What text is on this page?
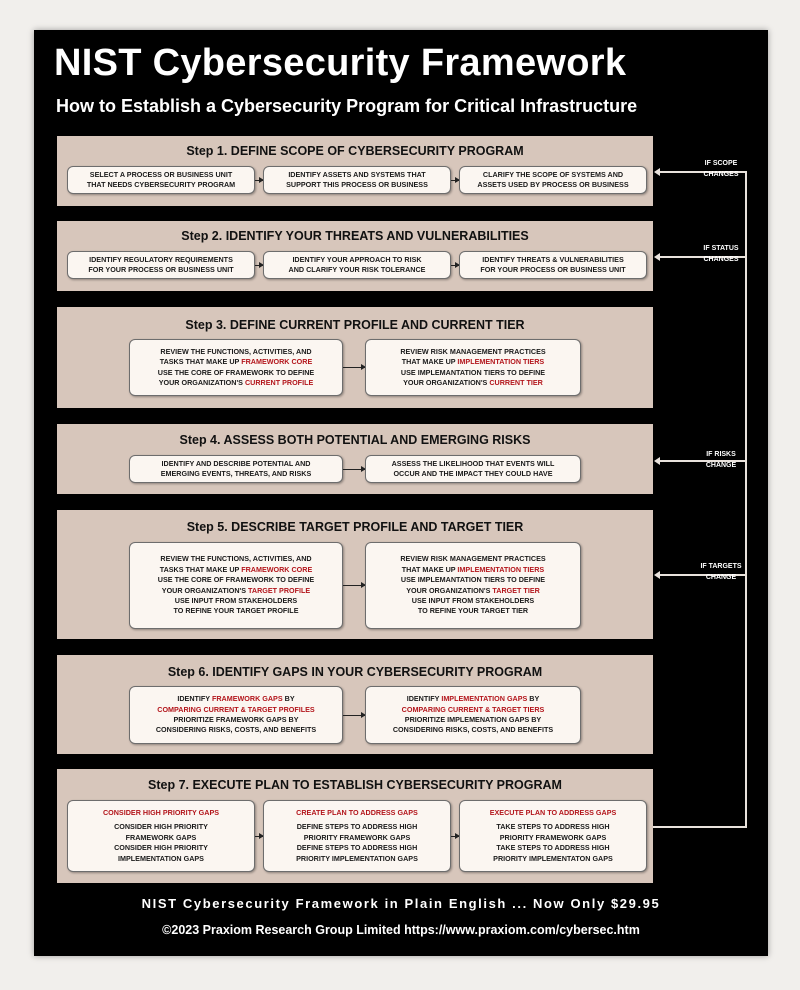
NIST Cybersecurity Framework
How to Establish a Cybersecurity Program for Critical Infrastructure
Step 1. DEFINE SCOPE OF CYBERSECURITY PROGRAM
SELECT A PROCESS OR BUSINESS UNIT
THAT NEEDS CYBERSECURITY PROGRAM
IDENTIFY ASSETS AND SYSTEMS THAT
SUPPORT THIS PROCESS OR BUSINESS
CLARIFY THE SCOPE OF SYSTEMS AND
ASSETS USED BY PROCESS OR BUSINESS
Step 2. IDENTIFY YOUR THREATS AND VULNERABILITIES
IDENTIFY REGULATORY REQUIREMENTS
FOR YOUR PROCESS OR BUSINESS UNIT
IDENTIFY YOUR APPROACH TO RISK
AND CLARIFY YOUR RISK TOLERANCE
IDENTIFY THREATS & VULNERABILITIES
FOR YOUR PROCESS OR BUSINESS UNIT
Step 3. DEFINE CURRENT PROFILE AND CURRENT TIER
REVIEW THE FUNCTIONS, ACTIVITIES, AND
TASKS THAT MAKE UP FRAMEWORK CORE
USE THE CORE OF FRAMEWORK TO DEFINE
YOUR ORGANIZATION'S CURRENT PROFILE
REVIEW RISK MANAGEMENT PRACTICES
THAT MAKE UP IMPLEMENTATION TIERS
USE IMPLEMANTATION TIERS TO DEFINE
YOUR ORGANIZATION'S CURRENT TIER
Step 4. ASSESS BOTH POTENTIAL AND EMERGING RISKS
IDENTIFY AND DESCRIBE POTENTIAL AND
EMERGING EVENTS, THREATS, AND RISKS
ASSESS THE LIKELIHOOD THAT EVENTS WILL
OCCUR AND THE IMPACT THEY COULD HAVE
Step 5. DESCRIBE TARGET PROFILE AND TARGET TIER
REVIEW THE FUNCTIONS, ACTIVITIES, AND
TASKS THAT MAKE UP FRAMEWORK CORE
USE THE CORE OF FRAMEWORK TO DEFINE
YOUR ORGANIZATION'S TARGET PROFILE
USE INPUT FROM STAKEHOLDERS
TO REFINE YOUR TARGET PROFILE
REVIEW RISK MANAGEMENT PRACTICES
THAT MAKE UP IMPLEMENTATION TIERS
USE IMPLEMANTATION TIERS TO DEFINE
YOUR ORGANIZATION'S TARGET TIER
USE INPUT FROM STAKEHOLDERS
TO REFINE YOUR TARGET TIER
Step 6. IDENTIFY GAPS IN YOUR CYBERSECURITY PROGRAM
IDENTIFY FRAMEWORK GAPS BY
COMPARING CURRENT & TARGET PROFILES
PRIORITIZE FRAMEWORK GAPS BY
CONSIDERING RISKS, COSTS, AND BENEFITS
IDENTIFY IMPLEMENTATION GAPS BY
COMPARING CURRENT & TARGET TIERS
PRIORITIZE IMPLEMENATION GAPS BY
CONSIDERING RISKS, COSTS, AND BENEFITS
Step 7. EXECUTE PLAN TO ESTABLISH CYBERSECURITY PROGRAM
CONSIDER HIGH PRIORITY GAPS
CONSIDER HIGH PRIORITY
FRAMEWORK GAPS
CONSIDER HIGH PRIORITY
IMPLEMENTATION GAPS
CREATE PLAN TO ADDRESS GAPS
DEFINE STEPS TO ADDRESS HIGH
PRIORITY FRAMEWORK GAPS
DEFINE STEPS TO ADDRESS HIGH
PRIORITY IMPLEMENTATION GAPS
EXECUTE PLAN TO ADDRESS GAPS
TAKE STEPS TO ADDRESS HIGH
PRIORITY FRAMEWORK GAPS
TAKE STEPS TO ADDRESS HIGH
PRIORITY IMPLEMENTATON GAPS
IF SCOPE
CHANGES
IF STATUS
CHANGES
IF RISKS
CHANGE
IF TARGETS
CHANGE
NIST Cybersecurity Framework in Plain English ... Now Only $29.95
©2023 Praxiom Research Group Limited https://www.praxiom.com/cybersec.htm
